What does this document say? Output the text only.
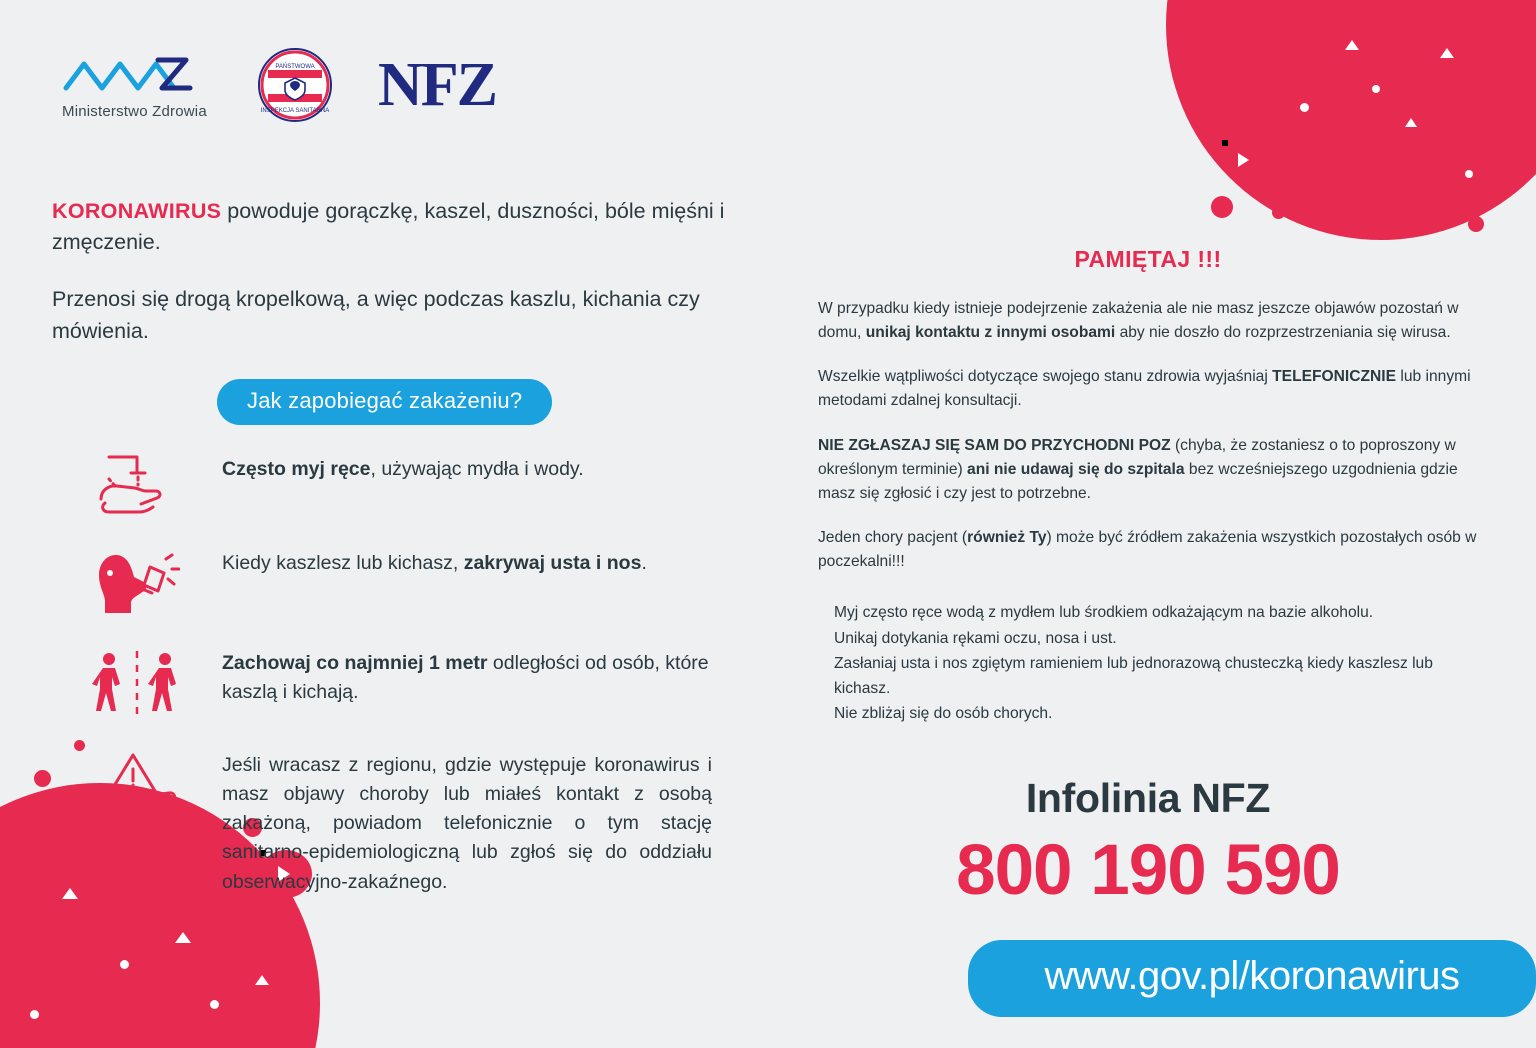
Ministerstwo Zdrowia
PAŃSTWOWA
INSPEKCJA SANITARNA NFZ
KORONAWIRUS powoduje gorączkę, kaszel, duszności, bóle mięśni i zmęczenie.
Przenosi się drogą kropelkową, a więc podczas kaszlu, kichania czy mówienia.
Jak zapobiegać zakażeniu?
Często myj ręce, używając mydła i wody.
Kiedy kaszlesz lub kichasz, zakrywaj usta i nos.
Zachowaj co najmniej 1 metr odległości od osób, które kaszlą i kichają.
Jeśli wracasz z regionu, gdzie występuje koronawirus i masz objawy choroby lub miałeś kontakt z osobą zakażoną, powiadom telefonicznie o tym stację sanitarno-epidemiologiczną lub zgłoś się do oddziału obserwacyjno-zakaźnego.
PAMIĘTAJ !!!
W przypadku kiedy istnieje podejrzenie zakażenia ale nie masz jeszcze objawów pozostań w domu, unikaj kontaktu z innymi osobami aby nie doszło do rozprzestrzeniania się wirusa.
Wszelkie wątpliwości dotyczące swojego stanu zdrowia wyjaśniaj TELEFONICZNIE lub innymi metodami zdalnej konsultacji.
NIE ZGŁASZAJ SIĘ SAM DO PRZYCHODNI POZ (chyba, że zostaniesz o to poproszony w określonym terminie) ani nie udawaj się do szpitala bez wcześniejszego uzgodnienia gdzie masz się zgłosić i czy jest to potrzebne.
Jeden chory pacjent (również Ty) może być źródłem zakażenia wszystkich pozostałych osób w poczekalni!!!
Myj często ręce wodą z mydłem lub środkiem odkażającym na bazie alkoholu.
Unikaj dotykania rękami oczu, nosa i ust.
Zasłaniaj usta i nos zgiętym ramieniem lub jednorazową chusteczką kiedy kaszlesz lub kichasz.
Nie zbliżaj się do osób chorych.
Infolinia NFZ
800 190 590
www.gov.pl/koronawirus
